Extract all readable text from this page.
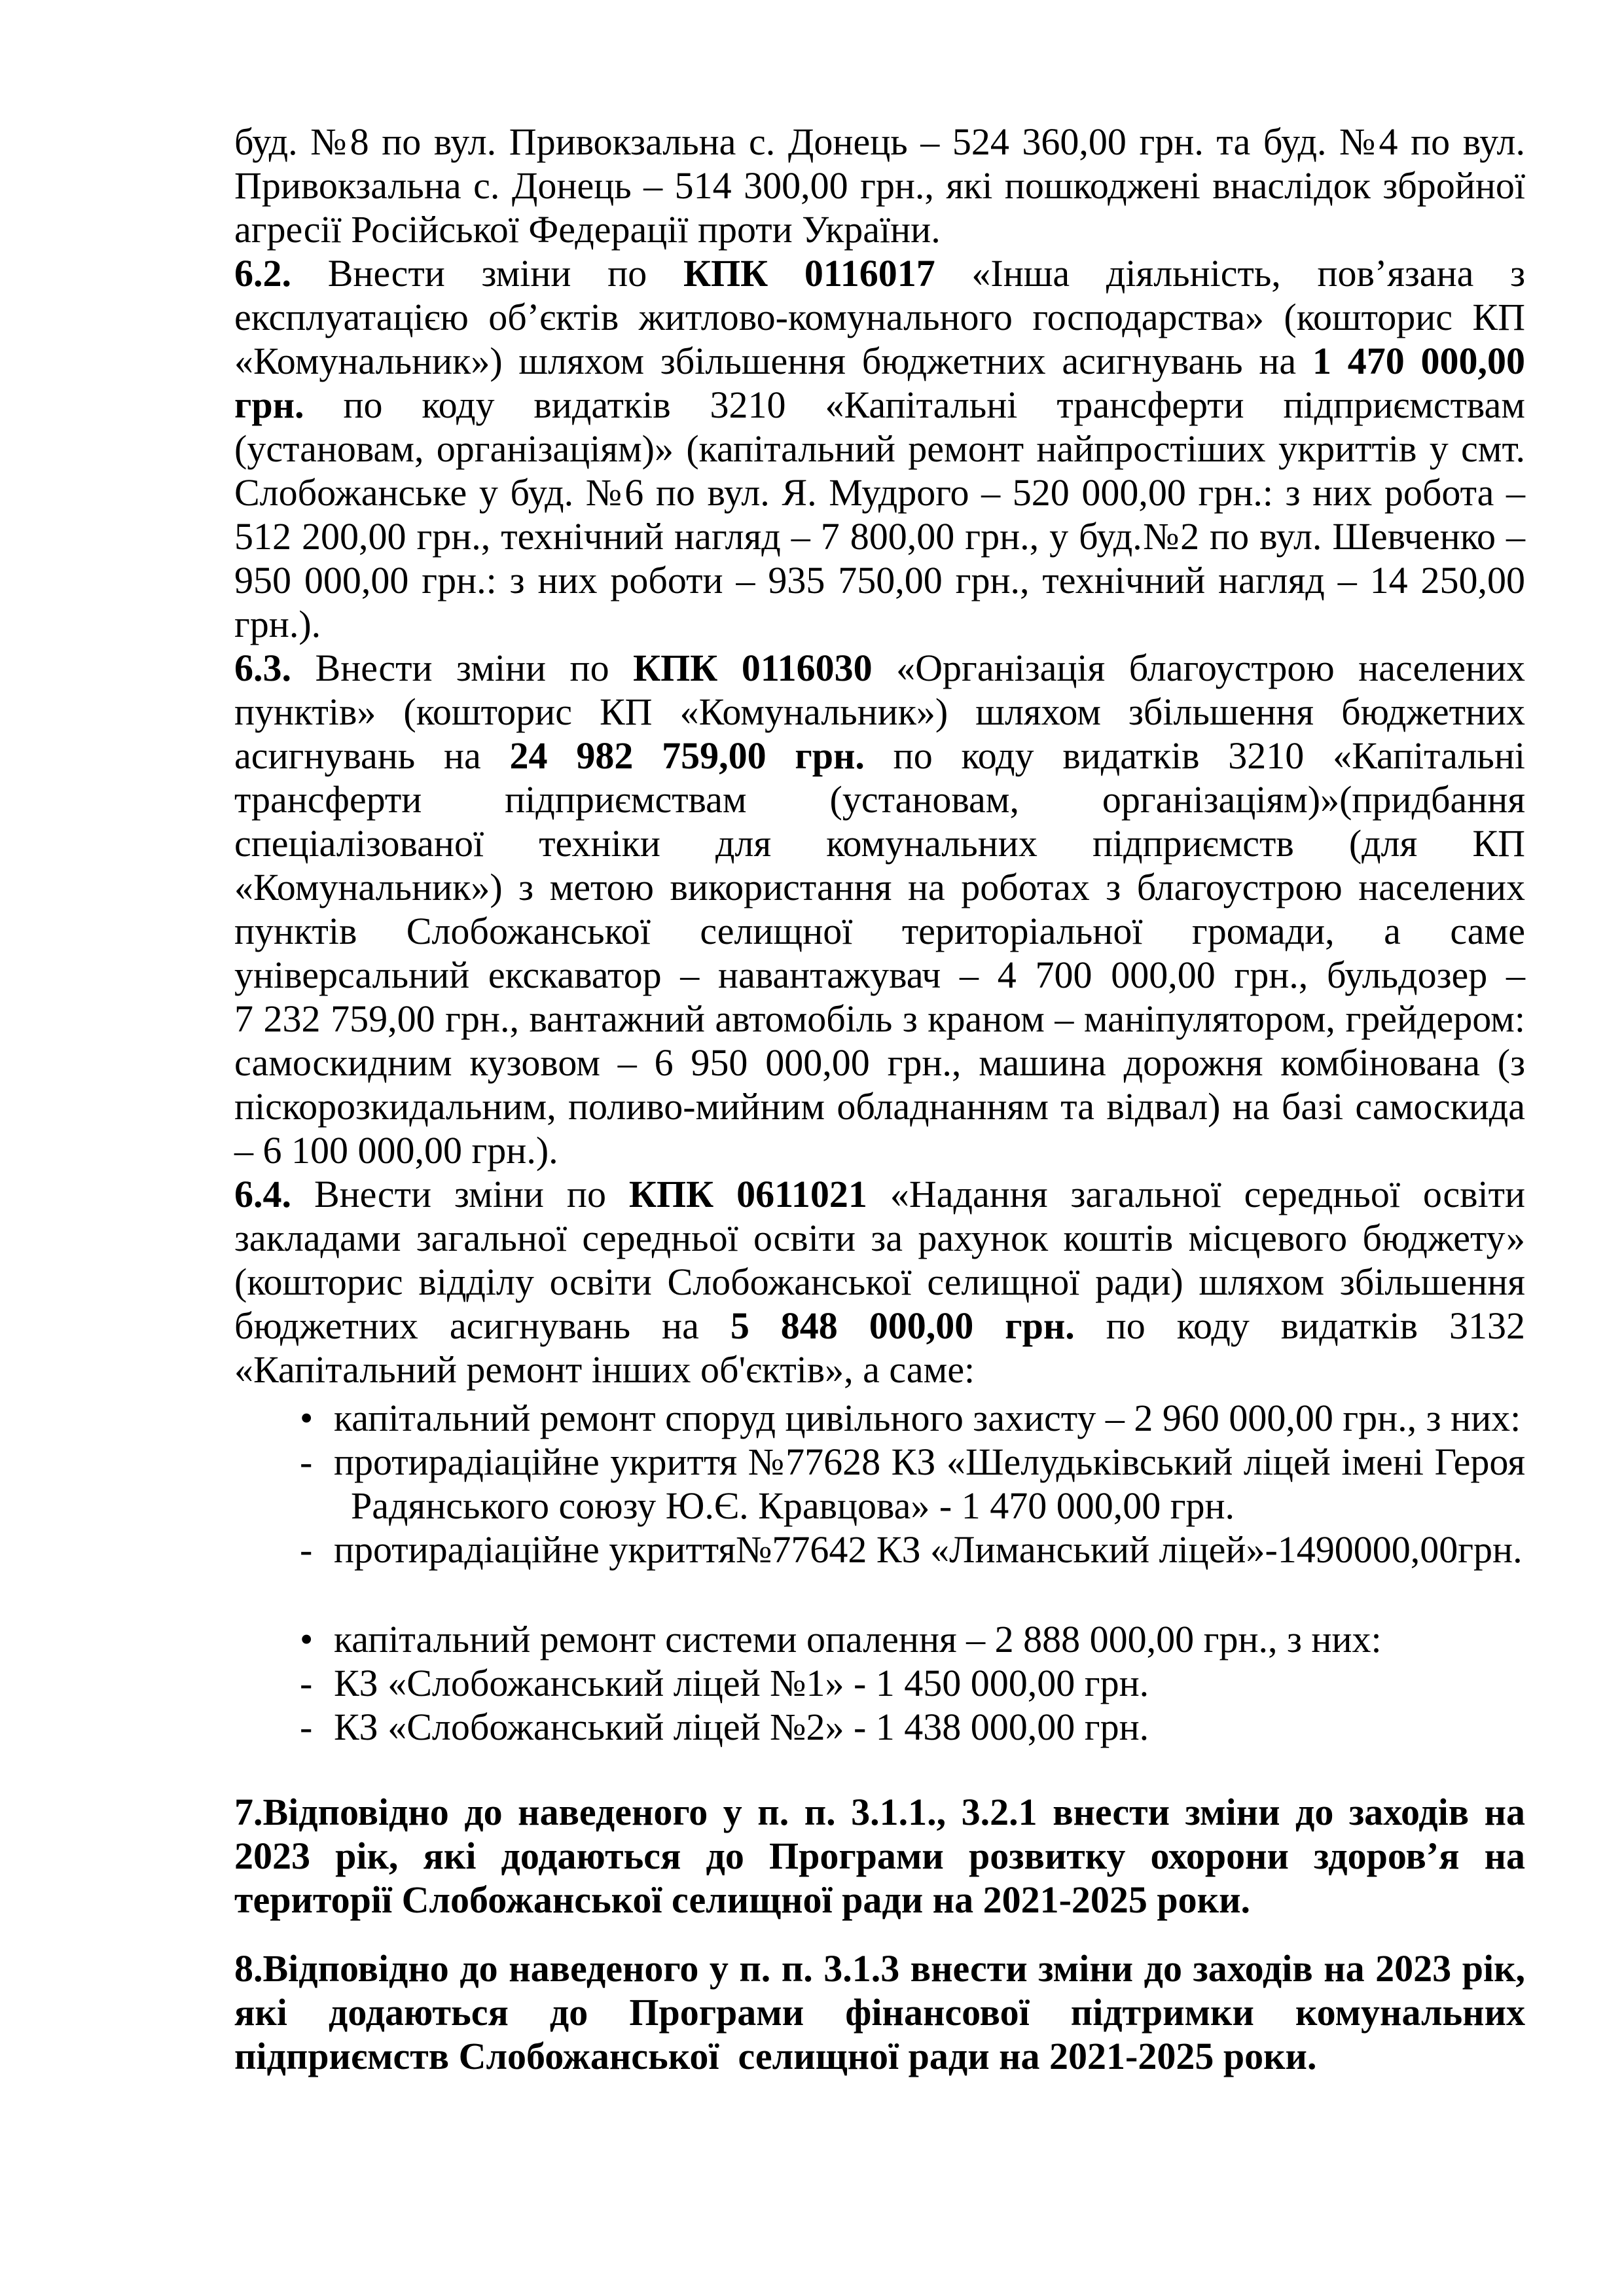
буд. №8 по вул. Привокзальна с. Донець – 524 360,00 грн. та буд. №4 по вул.
Привокзальна с. Донець – 514 300,00 грн., які пошкоджені внаслідок збройної
агресії Російської Федерації проти України.
6.2. Внести зміни по КПК 0116017 «Інша діяльність, пов’язана з
експлуатацією об’єктів житлово-комунального господарства» (кошторис КП
«Комунальник») шляхом збільшення бюджетних асигнувань на 1 470 000,00
грн. по коду видатків 3210 «Капітальні трансферти підприємствам
(установам, організаціям)» (капітальний ремонт найпростіших укриттів у смт.
Слобожанське у буд. №6 по вул. Я. Мудрого – 520 000,00 грн.: з них робота –
512 200,00 грн., технічний нагляд – 7 800,00 грн., у буд.№2 по вул. Шевченко –
950 000,00 грн.: з них роботи – 935 750,00 грн., технічний нагляд – 14 250,00
грн.).
6.3. Внести зміни по КПК 0116030 «Організація благоустрою населених
пунктів» (кошторис КП «Комунальник») шляхом збільшення бюджетних
асигнувань на 24 982 759,00 грн. по коду видатків 3210 «Капітальні
трансферти підприємствам (установам, організаціям)»(придбання
спеціалізованої техніки для комунальних підприємств (для КП
«Комунальник») з метою використання на роботах з благоустрою населених
пунктів Слобожанської селищної територіальної громади, а саме
універсальний екскаватор – навантажувач – 4 700 000,00 грн., бульдозер –
7 232 759,00 грн., вантажний автомобіль з краном – маніпулятором, грейдером:
самоскидним кузовом – 6 950 000,00 грн., машина дорожня комбінована (з
піскорозкидальним, поливо-мийним обладнанням та відвал) на базі самоскида
– 6 100 000,00 грн.).
6.4. Внести зміни по КПК 0611021 «Надання загальної середньої освіти
закладами загальної середньої освіти за рахунок коштів місцевого бюджету»
(кошторис відділу освіти Слобожанської селищної ради) шляхом збільшення
бюджетних асигнувань на 5 848 000,00 грн. по коду видатків 3132
«Капітальний ремонт інших об'єктів», а саме:
• капітальний ремонт споруд цивільного захисту – 2 960 000,00 грн., з них:
- протирадіаційне укриття №77628 КЗ «Шелудьківський ліцей імені Героя
Радянського союзу Ю.Є. Кравцова» - 1 470 000,00 грн.
- протирадіаційне укриття№77642 КЗ «Лиманський ліцей»-1490000,00грн.
• капітальний ремонт системи опалення – 2 888 000,00 грн., з них:
- КЗ «Слобожанський ліцей №1» - 1 450 000,00 грн.
- КЗ «Слобожанський ліцей №2» - 1 438 000,00 грн.
7.Відповідно до наведеного у п. п. 3.1.1., 3.2.1 внести зміни до заходів на
2023 рік, які додаються до Програми розвитку охорони здоров’я на
території Слобожанської селищної ради на 2021-2025 роки.
8.Відповідно до наведеного у п. п. 3.1.3 внести зміни до заходів на 2023 рік,
які додаються до Програми фінансової підтримки комунальних
підприємств Слобожанської  селищної ради на 2021-2025 роки.
